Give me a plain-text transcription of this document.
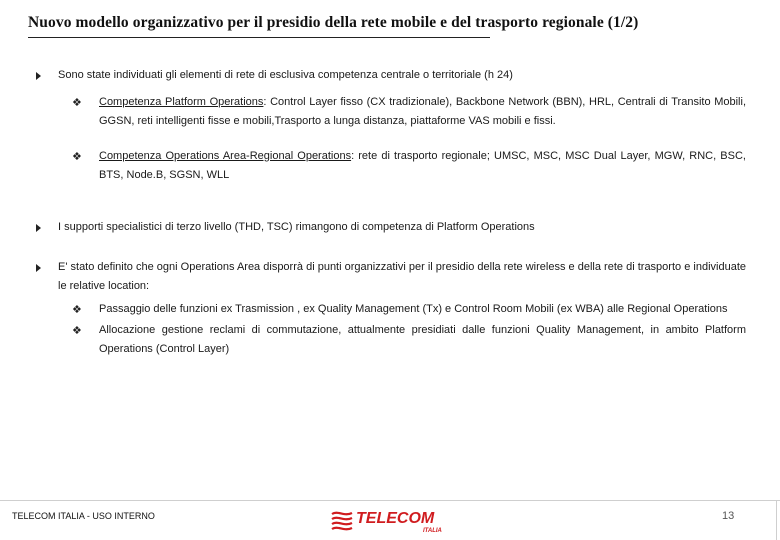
Nuovo modello organizzativo per il presidio della rete mobile e del trasporto regionale (1/2)
Sono state individuati gli elementi di rete di esclusiva competenza centrale o territoriale (h 24)
❖ Competenza Platform Operations: Control Layer fisso (CX tradizionale), Backbone Network (BBN), HRL, Centrali di Transito Mobili, GGSN, reti intelligenti fisse e mobili,Trasporto a lunga distanza, piattaforme VAS mobili e fissi.
❖ Competenza Operations Area-Regional Operations: rete di trasporto regionale; UMSC, MSC, MSC Dual Layer, MGW, RNC, BSC, BTS, Node.B, SGSN, WLL
I supporti specialistici di terzo livello (THD, TSC) rimangono di competenza di Platform Operations
E' stato definito che ogni Operations Area disporrà di punti organizzativi per il presidio della rete wireless e della rete di trasporto e individuate le relative location:
❖ Passaggio delle funzioni ex Trasmission , ex Quality Management (Tx) e Control Room Mobili (ex WBA) alle Regional Operations
❖ Allocazione gestione reclami di commutazione, attualmente presidiati dalle funzioni Quality Management, in ambito Platform Operations (Control Layer)
TELECOM ITALIA - USO INTERNO	TELECOM
ITALIA
13
